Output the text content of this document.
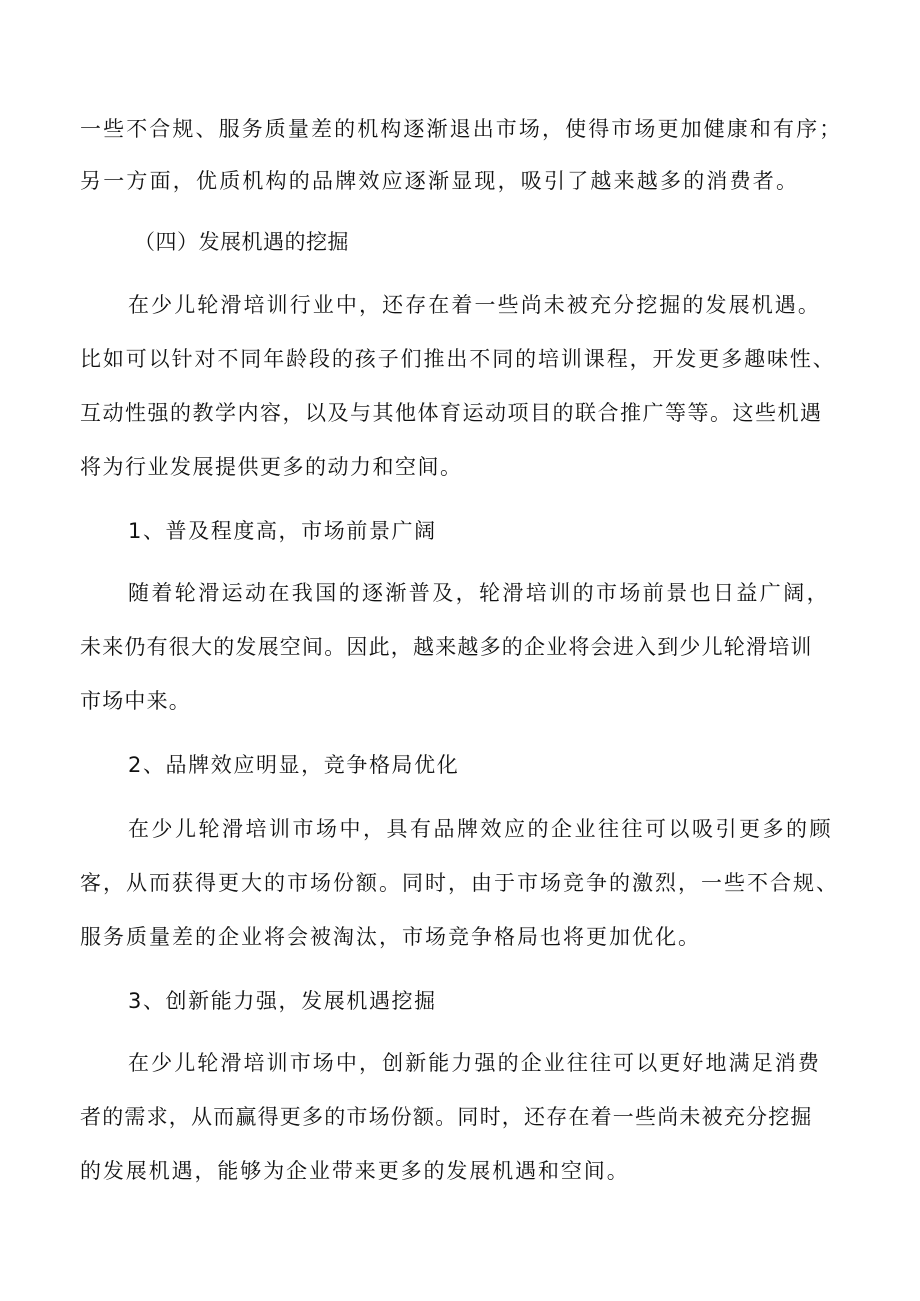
一些不合规、服务质量差的机构逐渐退出市场，使得市场更加健康和有序；
另一方面，优质机构的品牌效应逐渐显现，吸引了越来越多的消费者。
（四）发展机遇的挖掘
在少儿轮滑培训行业中，还存在着一些尚未被充分挖掘的发展机遇。
比如可以针对不同年龄段的孩子们推出不同的培训课程，开发更多趣味性、
互动性强的教学内容，以及与其他体育运动项目的联合推广等等。这些机遇
将为行业发展提供更多的动力和空间。
1、普及程度高，市场前景广阔
随着轮滑运动在我国的逐渐普及，轮滑培训的市场前景也日益广阔，
未来仍有很大的发展空间。因此，越来越多的企业将会进入到少儿轮滑培训
市场中来。
2、品牌效应明显，竞争格局优化
在少儿轮滑培训市场中，具有品牌效应的企业往往可以吸引更多的顾
客，从而获得更大的市场份额。同时，由于市场竞争的激烈，一些不合规、
服务质量差的企业将会被淘汰，市场竞争格局也将更加优化。
3、创新能力强，发展机遇挖掘
在少儿轮滑培训市场中，创新能力强的企业往往可以更好地满足消费
者的需求，从而赢得更多的市场份额。同时，还存在着一些尚未被充分挖掘
的发展机遇，能够为企业带来更多的发展机遇和空间。
